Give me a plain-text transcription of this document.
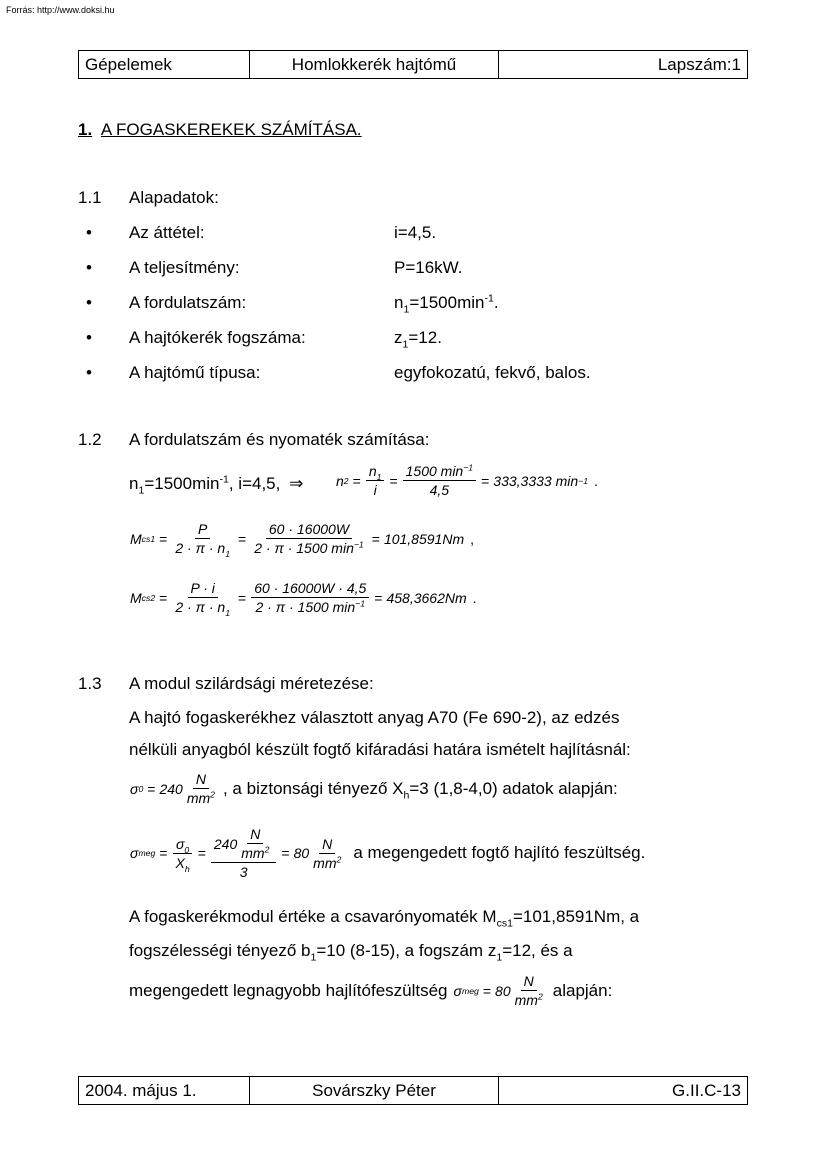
Forrás: http://www.doksi.hu
Gépelemek	Homlokkerék hajtómű	Lapszám:1
1. A FOGASKEREKEK SZÁMÍTÁSA.
1.1 Alapadatok:
• Az áttétel:	i=4,5.
• A teljesítmény:	P=16kW.
• A fordulatszám:	$n_1=1500\min^{-1}$.
• A hajtókerék fogszáma:	$z_1=12$.
• A hajtómű típusa:	egyfokozatú, fekvő, balos.
1.2 A fordulatszám és nyomaték számítása:
$n_1=1500\min^{-1}$, i=4,5, ⇒ n $2 = \frac{n_1}{i} = \frac{1500 \min^{-1}}{4,5} = 333,3333$ min −1 .
M $cs1 = \frac{P}{2 \cdot \pi \cdot n_1} = \frac{60 \cdot 16000W}{2 \cdot \pi \cdot 1500 \min^{-1}} = 101,8591Nm$ ,
M $cs2 = \frac{P \cdot i}{2 \cdot \pi \cdot n_1} = \frac{60 \cdot 16000W \cdot 4,5}{2 \cdot \pi \cdot 1500 \min^{-1}} = 458,3662Nm$ .
1.3 A modul szilárdsági méretezése:
A hajtó fogaskerékhez választott anyag A70 (Fe 690-2), az edzés
nélküli anyagból készült fogtő kifáradási határa ismételt hajlításnál:
σ $0 = 240 \frac{N}{mm^2}$ , a biztonsági tényező $X_h=3$ (1,8-4,0) adatok alapján:
σ meg = $\frac{\sigma_0}{X_h} = \frac{240 \frac{N}{mm^2}}{3} = 80 \frac{N}{mm^2}$ a megengedett fogtő hajlító feszültség.
A fogaskerékmodul értéke a csavarónyomaték $M_{cs1}=101,8591Nm$, a
fogszélességi tényező $b_1=10$ (8-15), a fogszám $z_1=12$, és a
megengedett legnagyobb hajlítófeszültség σ meg = $80 \frac{N}{mm^2}$ alapján:
2004. május 1.	Sovárszky Péter	G.II.C-13
